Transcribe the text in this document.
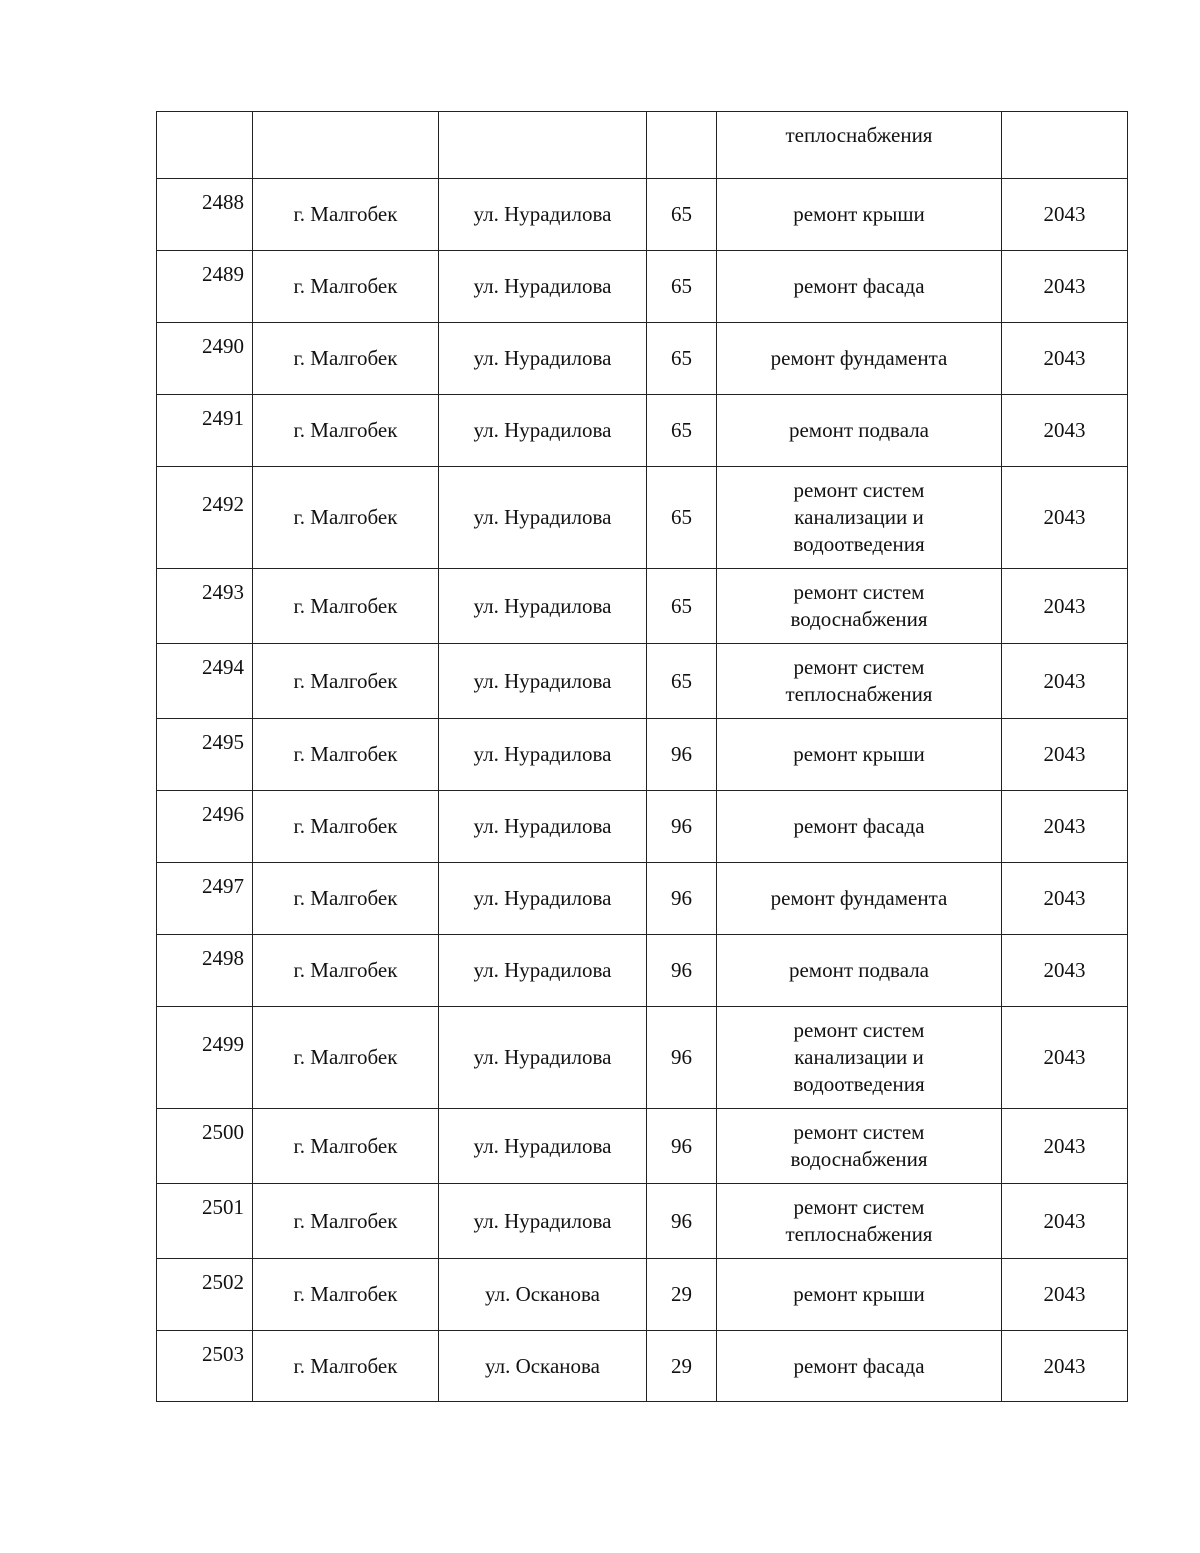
				теплоснабжения	
2488	г. Малгобек	ул. Нурадилова	65	ремонт крыши	2043
2489	г. Малгобек	ул. Нурадилова	65	ремонт фасада	2043
2490	г. Малгобек	ул. Нурадилова	65	ремонт фундамента	2043
2491	г. Малгобек	ул. Нурадилова	65	ремонт подвала	2043
2492	г. Малгобек	ул. Нурадилова	65	ремонт систем
канализации и
водоотведения	2043
2493	г. Малгобек	ул. Нурадилова	65	ремонт систем
водоснабжения	2043
2494	г. Малгобек	ул. Нурадилова	65	ремонт систем
теплоснабжения	2043
2495	г. Малгобек	ул. Нурадилова	96	ремонт крыши	2043
2496	г. Малгобек	ул. Нурадилова	96	ремонт фасада	2043
2497	г. Малгобек	ул. Нурадилова	96	ремонт фундамента	2043
2498	г. Малгобек	ул. Нурадилова	96	ремонт подвала	2043
2499	г. Малгобек	ул. Нурадилова	96	ремонт систем
канализации и
водоотведения	2043
2500	г. Малгобек	ул. Нурадилова	96	ремонт систем
водоснабжения	2043
2501	г. Малгобек	ул. Нурадилова	96	ремонт систем
теплоснабжения	2043
2502	г. Малгобек	ул. Осканова	29	ремонт крыши	2043
2503	г. Малгобек	ул. Осканова	29	ремонт фасада	2043
